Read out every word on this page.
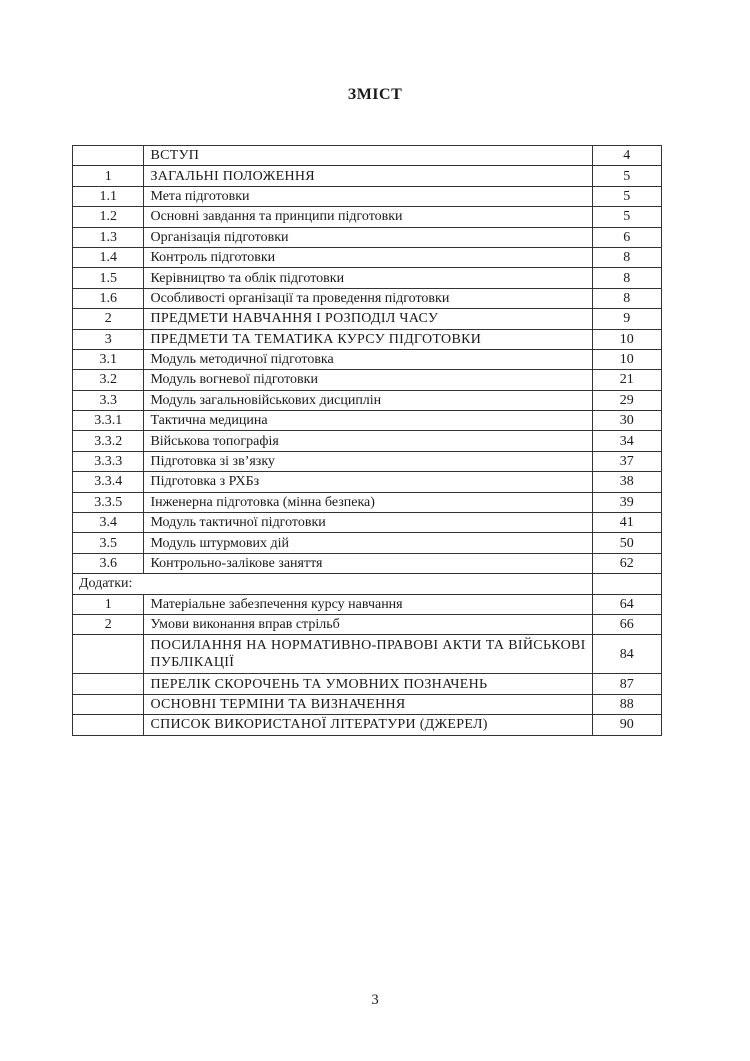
ЗМІСТ
	ВСТУП	4
1	ЗАГАЛЬНІ ПОЛОЖЕННЯ	5
1.1	Мета підготовки	5
1.2	Основні завдання та принципи підготовки	5
1.3	Організація підготовки	6
1.4	Контроль підготовки	8
1.5	Керівництво та облік підготовки	8
1.6	Особливості організації та проведення підготовки	8
2	ПРЕДМЕТИ НАВЧАННЯ І РОЗПОДІЛ ЧАСУ	9
3	ПРЕДМЕТИ ТА ТЕМАТИКА КУРСУ ПІДГОТОВКИ	10
3.1	Модуль методичної підготовка	10
3.2	Модуль вогневої підготовки	21
3.3	Модуль загальновійськових дисциплін	29
3.3.1	Тактична медицина	30
3.3.2	Військова топографія	34
3.3.3	Підготовка зі зв’язку	37
3.3.4	Підготовка з РХБз	38
3.3.5	Інженерна підготовка (мінна безпека)	39
3.4	Модуль тактичної підготовки	41
3.5	Модуль штурмових дій	50
3.6	Контрольно-залікове заняття	62
Додатки:		
1	Матеріальне забезпечення курсу навчання	64
2	Умови виконання вправ стрільб	66
	ПОСИЛАННЯ НА НОРМАТИВНО-ПРАВОВІ АКТИ ТА ВІЙСЬКОВІ ПУБЛІКАЦІЇ	84
	ПЕРЕЛІК СКОРОЧЕНЬ ТА УМОВНИХ ПОЗНАЧЕНЬ	87
	ОСНОВНІ ТЕРМІНИ ТА ВИЗНАЧЕННЯ	88
	СПИСОК ВИКОРИСТАНОЇ ЛІТЕРАТУРИ (ДЖЕРЕЛ)	90
3
